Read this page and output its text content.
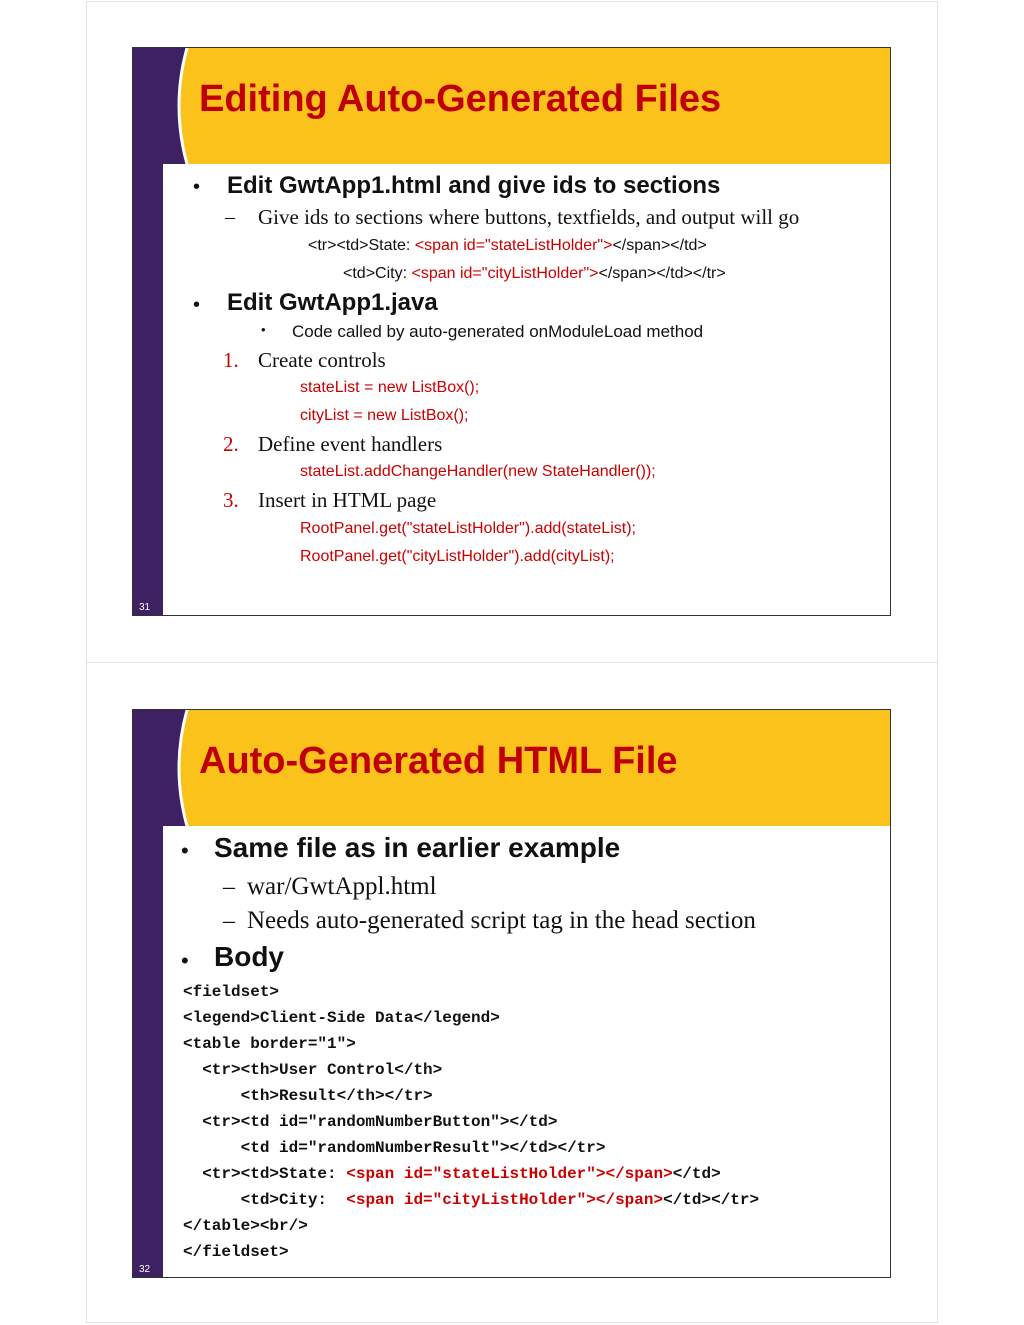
Editing Auto-Generated Files
• Edit GwtApp1.html and give ids to sections

– Give ids to sections where buttons, textfields, and output will go

<tr><td>State: <span id="stateListHolder"></span></td>

<td>City: <span id="cityListHolder"></span></td></tr>

• Edit GwtApp1.java

• Code called by auto-generated onModuleLoad method

1. Create controls

stateList = new ListBox();

cityList = new ListBox();

2. Define event handlers

stateList.addChangeHandler(new StateHandler());

3. Insert in HTML page

RootPanel.get("stateListHolder").add(stateList);

RootPanel.get("cityListHolder").add(cityList);

31
Auto-Generated HTML File
• Same file as in earlier example

– war/GwtAppl.html

– Needs auto-generated script tag in the head section

• Body

<fieldset>

<legend>Client-Side Data</legend>

<table border="1">

<tr><th>User Control</th>

<th>Result</th></tr>

<tr><td id="randomNumberButton"></td>

<td id="randomNumberResult"></td></tr>

<tr><td>State: <span id="stateListHolder"></span></td>

<td>City:  <span id="cityListHolder"></span></td></tr>

</table><br/>

</fieldset>

32
